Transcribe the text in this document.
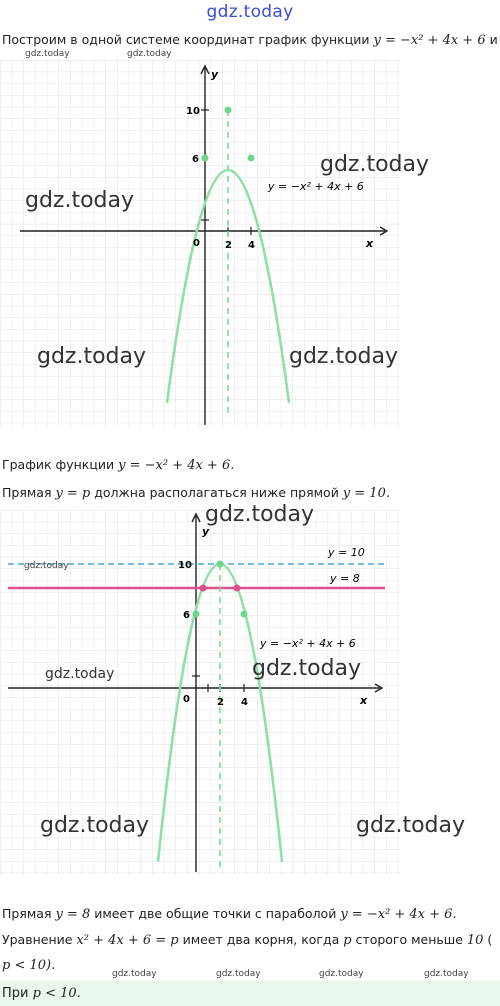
gdz.today
Построим в одной системе координат график функции y = −x² + 4x + 6 и
gdz.today	gdz.today
y
x
0	2 4
6
10
y = −x² + 4x + 6
gdz.today
gdz.today
gdz.today	gdz.today
График функции y = −x² + 4x + 6.
Прямая y = p должна располагаться ниже прямой y = 10.
y
x
0	2 4
6
10
y = 10
y = 8
y = −x² + 4x + 6
gdz.today
gdz.today
gdz.today	gdz.today
gdz.today	gdz.today
Прямая y = 8 имеет две общие точки с параболой y = −x² + 4x + 6.
Уравнение x² + 4x + 6 = p имеет два корня, когда p сторого меньше 10 (
p < 10).
gdz.today	gdz.today	gdz.today	gdz.today
При p < 10.
